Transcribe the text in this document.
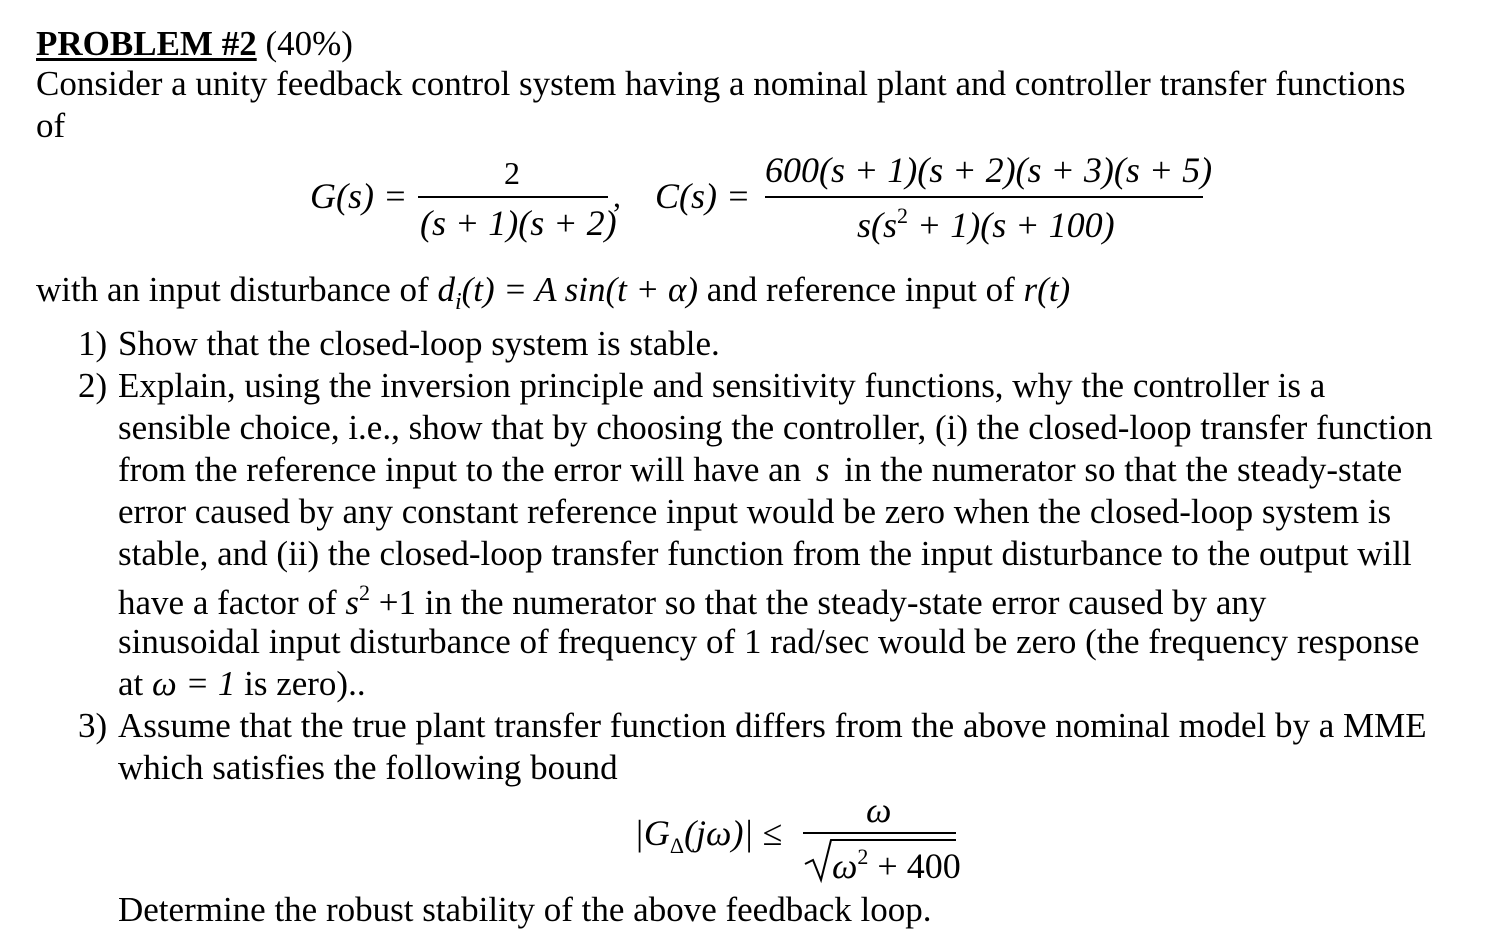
PROBLEM #2 (40%)
Consider a unity feedback control system having a nominal plant and controller transfer functions
of
G(s) =
2
(s + 1)(s + 2)
, C(s) =
600(s + 1)(s + 2)(s + 3)(s + 5)
$s(s^2 + 1)(s + 100)$
with an input disturbance of $d_i(t) = A$ sin(t + α) and reference input of r(t)
1) Show that the closed-loop system is stable.
2) Explain, using the inversion principle and sensitivity functions, why the controller is a
sensible choice, i.e., show that by choosing the controller, (i) the closed-loop transfer function
from the reference input to the error will have an s in the numerator so that the steady-state
error caused by any constant reference input would be zero when the closed-loop system is
stable, and (ii) the closed-loop transfer function from the input disturbance to the output will
have a factor of $s^2 +1$ in the numerator so that the steady-state error caused by any
sinusoidal input disturbance of frequency of 1 rad/sec would be zero (the frequency response
at ω = 1 is zero)..
3) Assume that the true plant transfer function differs from the above nominal model by a MME
which satisfies the following bound
$|G_\Delta(j\omega)|$ ≤
ω
$\omega^2 + 400$
Determine the robust stability of the above feedback loop.
